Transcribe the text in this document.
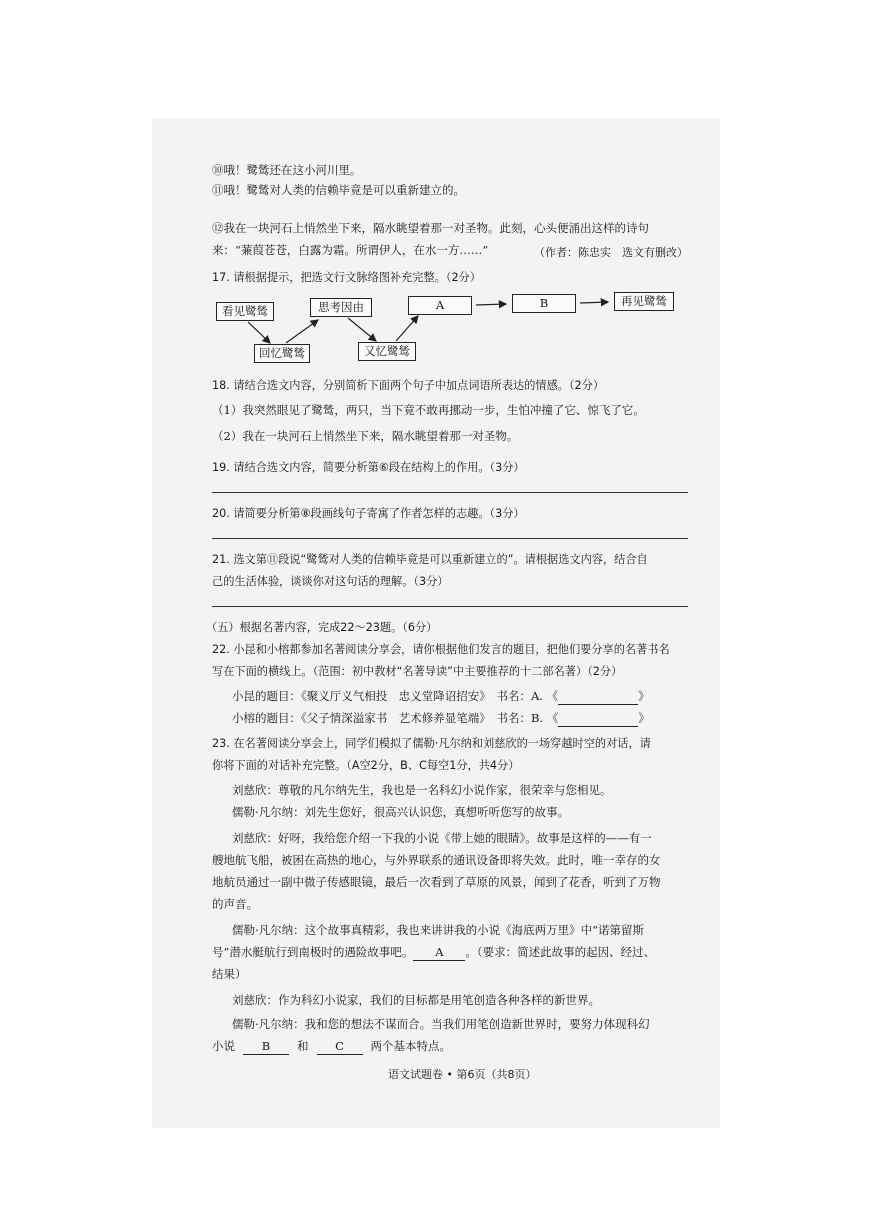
⑩哦！鹭鸶还在这小河川里。
⑪哦！鹭鸶对人类的信赖毕竟是可以重新建立的。
⑫我在一块河石上悄然坐下来，隔水眺望着那一对圣物。此刻，心头便涌出这样的诗句
来：“蒹葭苍苍，白露为霜。所谓伊人，在水一方……”	（作者：陈忠实　选文有删改）
17. 请根据提示，把选文行文脉络图补充完整。（2分）
看见鹭鸶	思考因由	A	B	再见鹭鸶
回忆鹭鸶	又忆鹭鸶
18. 请结合选文内容，分别简析下面两个句子中加点词语所表达的情感。（2分）
（1）我突然眼见了鹭鸶，两只，当下竟不敢再挪动一步，生怕冲撞了它、惊飞了它。
（2）我在一块河石上悄然坐下来，隔水眺望着那一对圣物。
19. 请结合选文内容，简要分析第⑥段在结构上的作用。（3分）
20. 请简要分析第⑧段画线句子寄寓了作者怎样的志趣。（3分）
21. 选文第⑪段说“鹭鸶对人类的信赖毕竟是可以重新建立的”。请根据选文内容，结合自
己的生活体验，谈谈你对这句话的理解。（3分）
（五）根据名著内容，完成22～23题。（6分）
22. 小昆和小榕都参加名著阅读分享会，请你根据他们发言的题目，把他们要分享的名著书名
写在下面的横线上。（范围：初中教材“名著导读”中主要推荐的十二部名著）（2分）
小昆的题目：《聚义厅义气相投　忠义堂降诏招安》　书名：A. 《	》
小榕的题目：《父子情深溢家书　艺术修养显笔端》　书名：B. 《	》
23. 在名著阅读分享会上，同学们模拟了儒勒·凡尔纳和刘慈欣的一场穿越时空的对话，请
你将下面的对话补充完整。（A空2分，B、C每空1分，共4分）
刘慈欣：尊敬的凡尔纳先生，我也是一名科幻小说作家，很荣幸与您相见。
儒勒·凡尔纳：刘先生您好，很高兴认识您，真想听听您写的故事。
刘慈欣：好呀，我给您介绍一下我的小说《带上她的眼睛》。故事是这样的——有一
艘地航飞船，被困在高热的地心，与外界联系的通讯设备即将失效。此时，唯一幸存的女
地航员通过一副中微子传感眼镜，最后一次看到了草原的风景，闻到了花香，听到了万物
的声音。
儒勒·凡尔纳：这个故事真精彩，我也来讲讲我的小说《海底两万里》中“诺第留斯
号”潜水艇航行到南极时的遇险故事吧。 A 。（要求：简述此故事的起因、经过、
结果）
刘慈欣：作为科幻小说家，我们的目标都是用笔创造各种各样的新世界。
儒勒·凡尔纳：我和您的想法不谋而合。当我们用笔创造新世界时，要努力体现科幻
小说 B 和 C 两个基本特点。
语文试题卷 • 第6页（共8页）
